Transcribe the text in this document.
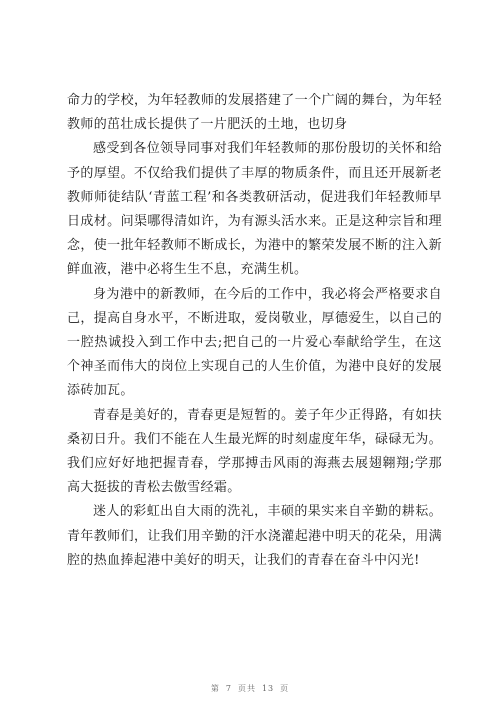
命力的学校，为年轻教师的发展搭建了一个广阔的舞台，为年轻教师的茁壮成长提供了一片肥沃的土地，也切身

感受到各位领导同事对我们年轻教师的那份殷切的关怀和给予的厚望。不仅给我们提供了丰厚的物质条件，而且还开展新老教师师徒结队‘青蓝工程’和各类教研活动，促进我们年轻教师早日成材。问渠哪得清如许，为有源头活水来。正是这种宗旨和理念，使一批年轻教师不断成长，为港中的繁荣发展不断的注入新鲜血液，港中必将生生不息，充满生机。

身为港中的新教师，在今后的工作中，我必将会严格要求自己，提高自身水平，不断进取，爱岗敬业，厚德爱生，以自己的一腔热诚投入到工作中去;把自己的一片爱心奉献给学生，在这个神圣而伟大的岗位上实现自己的人生价值，为港中良好的发展添砖加瓦。

青春是美好的，青春更是短暂的。姜子年少正得路，有如扶桑初日升。我们不能在人生最光辉的时刻虚度年华，碌碌无为。我们应好好地把握青春，学那搏击风雨的海燕去展翅翱翔;学那高大挺拔的青松去傲雪经霜。

迷人的彩虹出自大雨的洗礼，丰硕的果实来自辛勤的耕耘。青年教师们，让我们用辛勤的汗水浇灌起港中明天的花朵，用满腔的热血捧起港中美好的明天，让我们的青春在奋斗中闪光!

第 7 页共 13 页
